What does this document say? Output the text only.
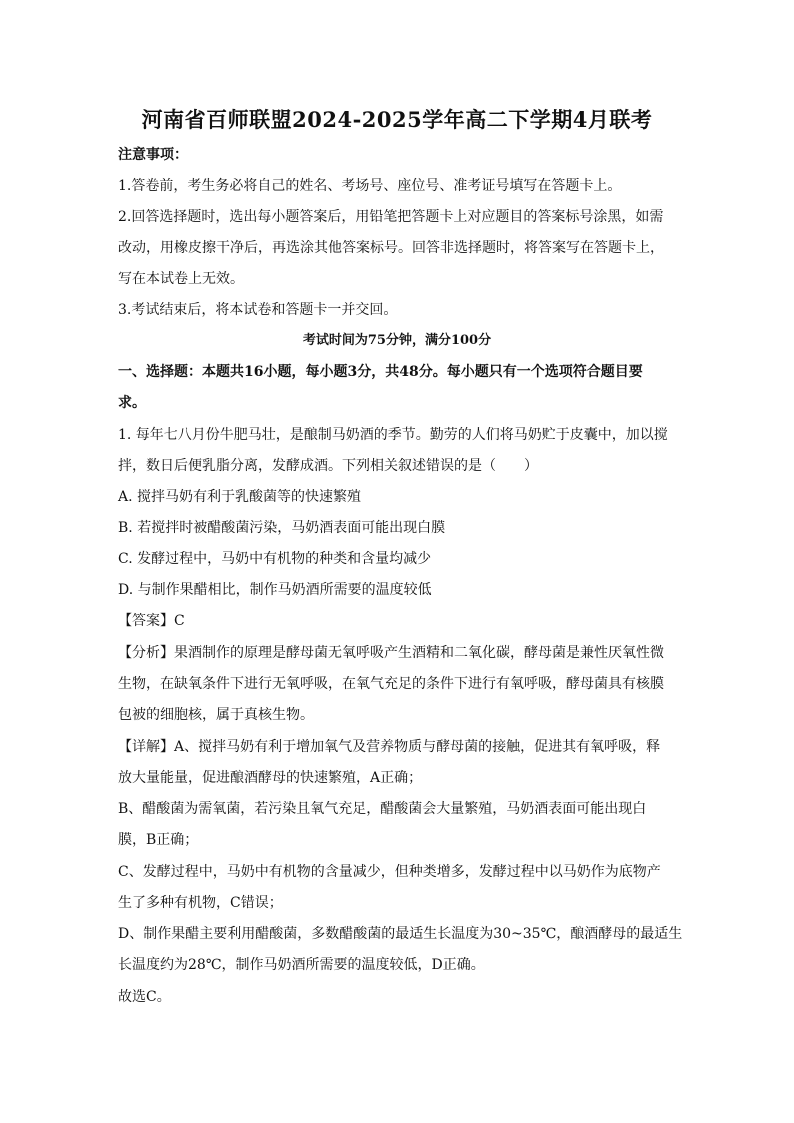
河南省百师联盟2024-2025学年高二下学期4月联考
注意事项：
1.答卷前，考生务必将自己的姓名、考场号、座位号、准考证号填写在答题卡上。
2.回答选择题时，选出每小题答案后，用铅笔把答题卡上对应题目的答案标号涂黑，如需
改动，用橡皮擦干净后，再选涂其他答案标号。回答非选择题时，将答案写在答题卡上，
写在本试卷上无效。
3.考试结束后，将本试卷和答题卡一并交回。
考试时间为75分钟，满分100分
一、选择题：本题共16小题，每小题3分，共48分。每小题只有一个选项符合题目要
求。
1. 每年七八月份牛肥马壮，是酿制马奶酒的季节。勤劳的人们将马奶贮于皮囊中，加以搅
拌，数日后便乳脂分离，发酵成酒。下列相关叙述错误的是（　　）
A. 搅拌马奶有利于乳酸菌等的快速繁殖
B. 若搅拌时被醋酸菌污染，马奶酒表面可能出现白膜
C. 发酵过程中，马奶中有机物的种类和含量均减少
D. 与制作果醋相比，制作马奶酒所需要的温度较低
【答案】C
【分析】果酒制作的原理是酵母菌无氧呼吸产生酒精和二氧化碳，酵母菌是兼性厌氧性微
生物，在缺氧条件下进行无氧呼吸，在氧气充足的条件下进行有氧呼吸，酵母菌具有核膜
包被的细胞核，属于真核生物。
【详解】A、搅拌马奶有利于增加氧气及营养物质与酵母菌的接触，促进其有氧呼吸，释
放大量能量，促进酿酒酵母的快速繁殖，A正确；
B、醋酸菌为需氧菌，若污染且氧气充足，醋酸菌会大量繁殖，马奶酒表面可能出现白
膜，B正确；
C、发酵过程中，马奶中有机物的含量减少，但种类增多，发酵过程中以马奶作为底物产
生了多种有机物，C错误；
D、制作果醋主要利用醋酸菌，多数醋酸菌的最适生长温度为30~35℃，酿酒酵母的最适生
长温度约为28℃，制作马奶酒所需要的温度较低，D正确。
故选C。
